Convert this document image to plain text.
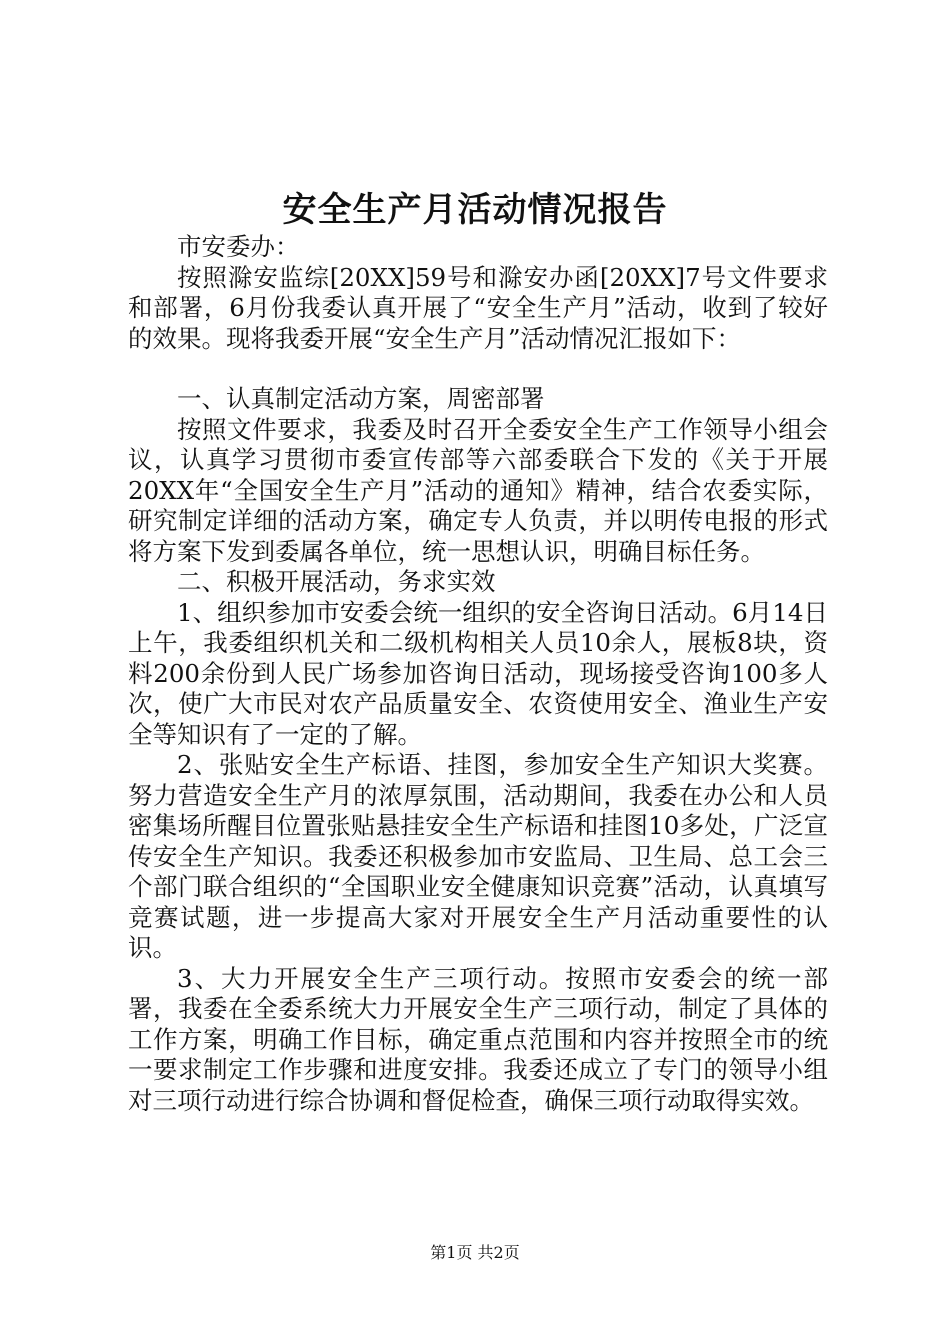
安全生产月活动情况报告

市安委办：

按照滁安监综[20XX]59号和滁安办函[20XX]7号文件要求和部署，6月份我委认真开展了“安全生产月”活动，收到了较好的效果。现将我委开展“安全生产月”活动情况汇报如下：

一、认真制定活动方案，周密部署

按照文件要求，我委及时召开全委安全生产工作领导小组会议，认真学习贯彻市委宣传部等六部委联合下发的《关于开展20XX年“全国安全生产月”活动的通知》精神，结合农委实际，研究制定详细的活动方案，确定专人负责，并以明传电报的形式将方案下发到委属各单位，统一思想认识，明确目标任务。

二、积极开展活动，务求实效

1、组织参加市安委会统一组织的安全咨询日活动。6月14日上午，我委组织机关和二级机构相关人员10余人，展板8块，资料200余份到人民广场参加咨询日活动，现场接受咨询100多人次，使广大市民对农产品质量安全、农资使用安全、渔业生产安全等知识有了一定的了解。

2、张贴安全生产标语、挂图，参加安全生产知识大奖赛。努力营造安全生产月的浓厚氛围，活动期间，我委在办公和人员密集场所醒目位置张贴悬挂安全生产标语和挂图10多处，广泛宣传安全生产知识。我委还积极参加市安监局、卫生局、总工会三个部门联合组织的“全国职业安全健康知识竞赛”活动，认真填写竞赛试题，进一步提高大家对开展安全生产月活动重要性的认识。

3、大力开展安全生产三项行动。按照市安委会的统一部署，我委在全委系统大力开展安全生产三项行动，制定了具体的工作方案，明确工作目标，确定重点范围和内容并按照全市的统一要求制定工作步骤和进度安排。我委还成立了专门的领导小组对三项行动进行综合协调和督促检查，确保三项行动取得实效。

第1页 共2页
